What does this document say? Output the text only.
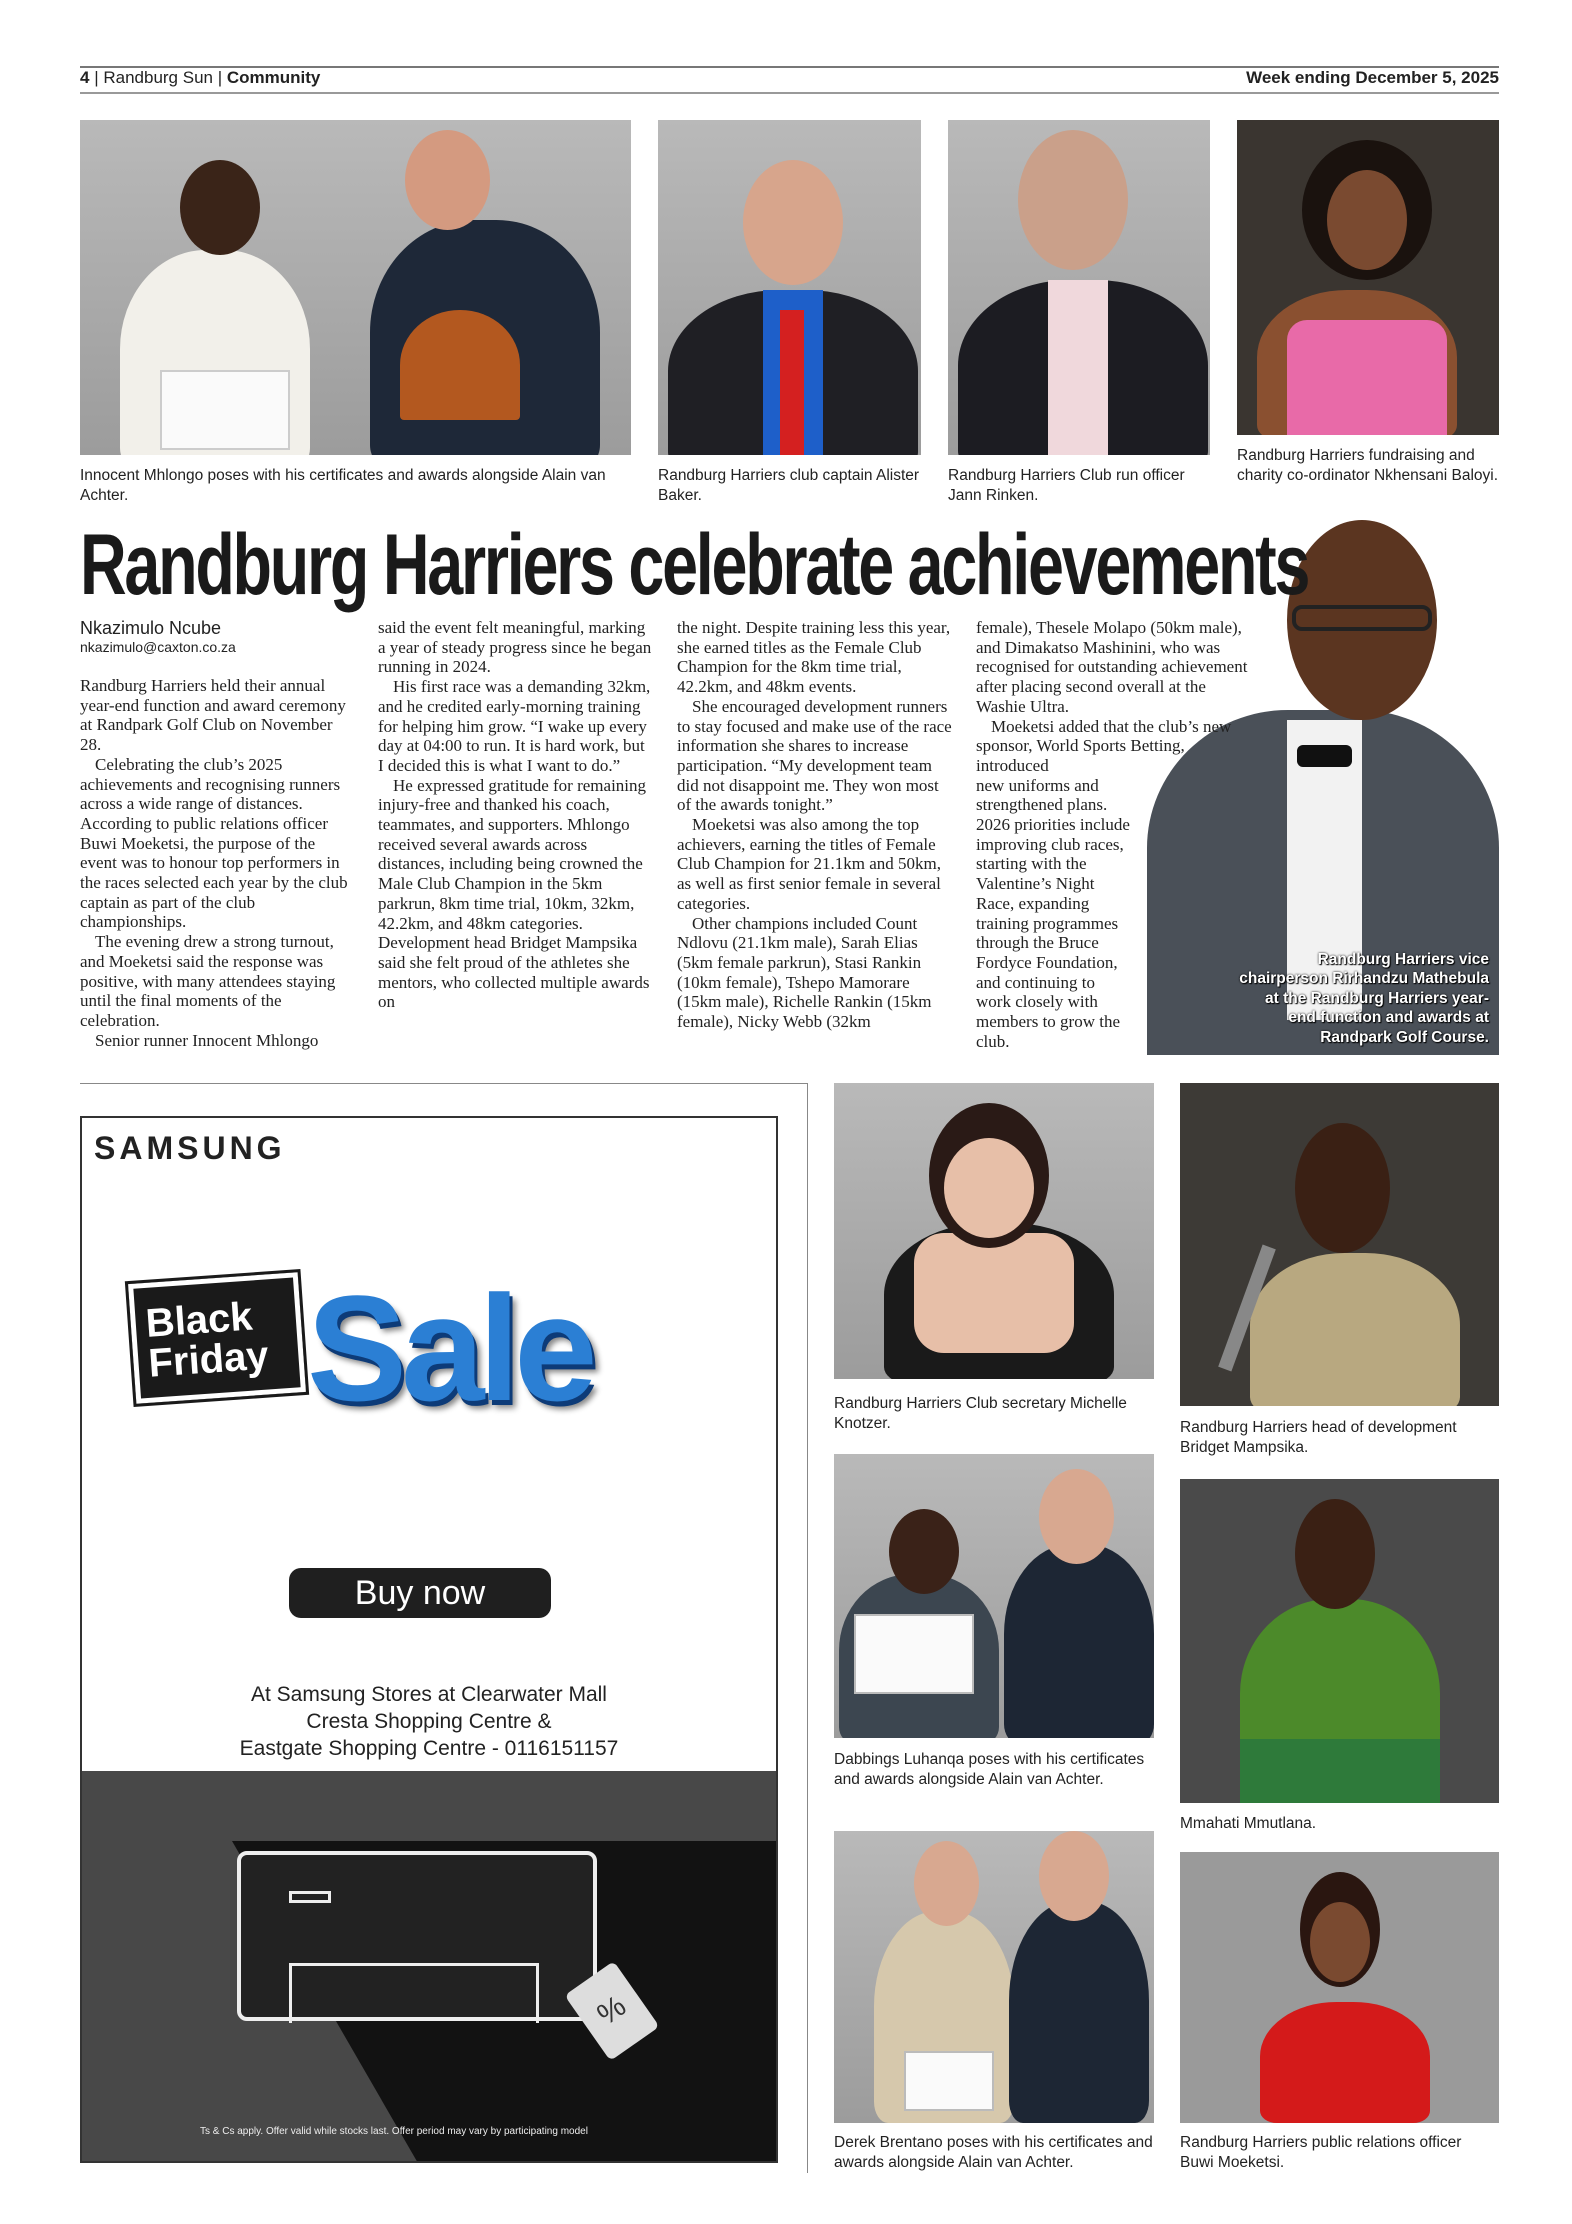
4 | Randburg Sun | Community	Week ending December 5, 2025
Innocent Mhlongo poses with his certificates and awards alongside Alain van Achter.
Randburg Harriers club captain Alister Baker.
Randburg Harriers Club run officer Jann Rinken.
Randburg Harriers fundraising and charity co-ordinator Nkhensani Baloyi.
Randburg Harriers vice chairperson Rirhandzu Mathebula at the Randburg Harriers year-end function and awards at Randpark Golf Course.
Randburg Harriers celebrate achievements
Nkazimulo Ncube
nkazimulo@caxton.co.za

Randburg Harriers held their annual year-end function and award ceremony at Randpark Golf Club on November 28.

Celebrating the club’s 2025 achievements and recognising runners across a wide range of distances. According to public relations officer Buwi Moeketsi, the purpose of the event was to honour top performers in the races selected each year by the club captain as part of the club championships.

The evening drew a strong turnout, and Moeketsi said the response was positive, with many attendees staying until the final moments of the celebration.

Senior runner Innocent Mhlongo

said the event felt meaningful, marking a year of steady progress since he began running in 2024.

His first race was a demanding 32km, and he credited early-morning training for helping him grow. “I wake up every day at 04:00 to run. It is hard work, but I decided this is what I want to do.”

He expressed gratitude for remaining injury-free and thanked his coach, teammates, and supporters. Mhlongo received several awards across distances, including being crowned the Male Club Champion in the 5km parkrun, 8km time trial, 10km, 32km, 42.2km, and 48km categories. Development head Bridget Mampsika said she felt proud of the athletes she mentors, who collected multiple awards on

the night. Despite training less this year, she earned titles as the Female Club Champion for the 8km time trial, 42.2km, and 48km events.

She encouraged development runners to stay focused and make use of the race information she shares to increase participation. “My development team did not disappoint me. They won most of the awards tonight.”

Moeketsi was also among the top achievers, earning the titles of Female Club Champion for 21.1km and 50km, as well as first senior female in several categories.

Other champions included Count Ndlovu (21.1km male), Sarah Elias (5km female parkrun), Stasi Rankin (10km female), Tshepo Mamorare (15km male), Richelle Rankin (15km female), Nicky Webb (32km

female), Thesele Molapo (50km male), and Dimakatso Mashinini, who was recognised for outstanding achievement after placing second overall at the Washie Ultra.

Moeketsi added that the club’s new sponsor, World Sports Betting,

introduced
new uniforms and
strengthened plans.
2026 priorities include
improving club races,
starting with the
Valentine’s Night
Race, expanding
training programmes
through the Bruce
Fordyce Foundation,
and continuing to
work closely with
members to grow the
club.
SAMSUNG
Black
Friday Sale
Buy now
At Samsung Stores at Clearwater Mall
Cresta Shopping Centre &
Eastgate Shopping Centre - 0116151157
%
Ts & Cs apply. Offer valid while stocks last. Offer period may vary by participating model
Randburg Harriers Club secretary Michelle Knotzer.	Randburg Harriers head of development Bridget Mampsika.
Dabbings Luhanqa poses with his certificates and awards alongside Alain van Achter.
Mmahati Mmutlana.
Derek Brentano poses with his certificates and awards alongside Alain van Achter.
Randburg Harriers public relations officer Buwi Moeketsi.
